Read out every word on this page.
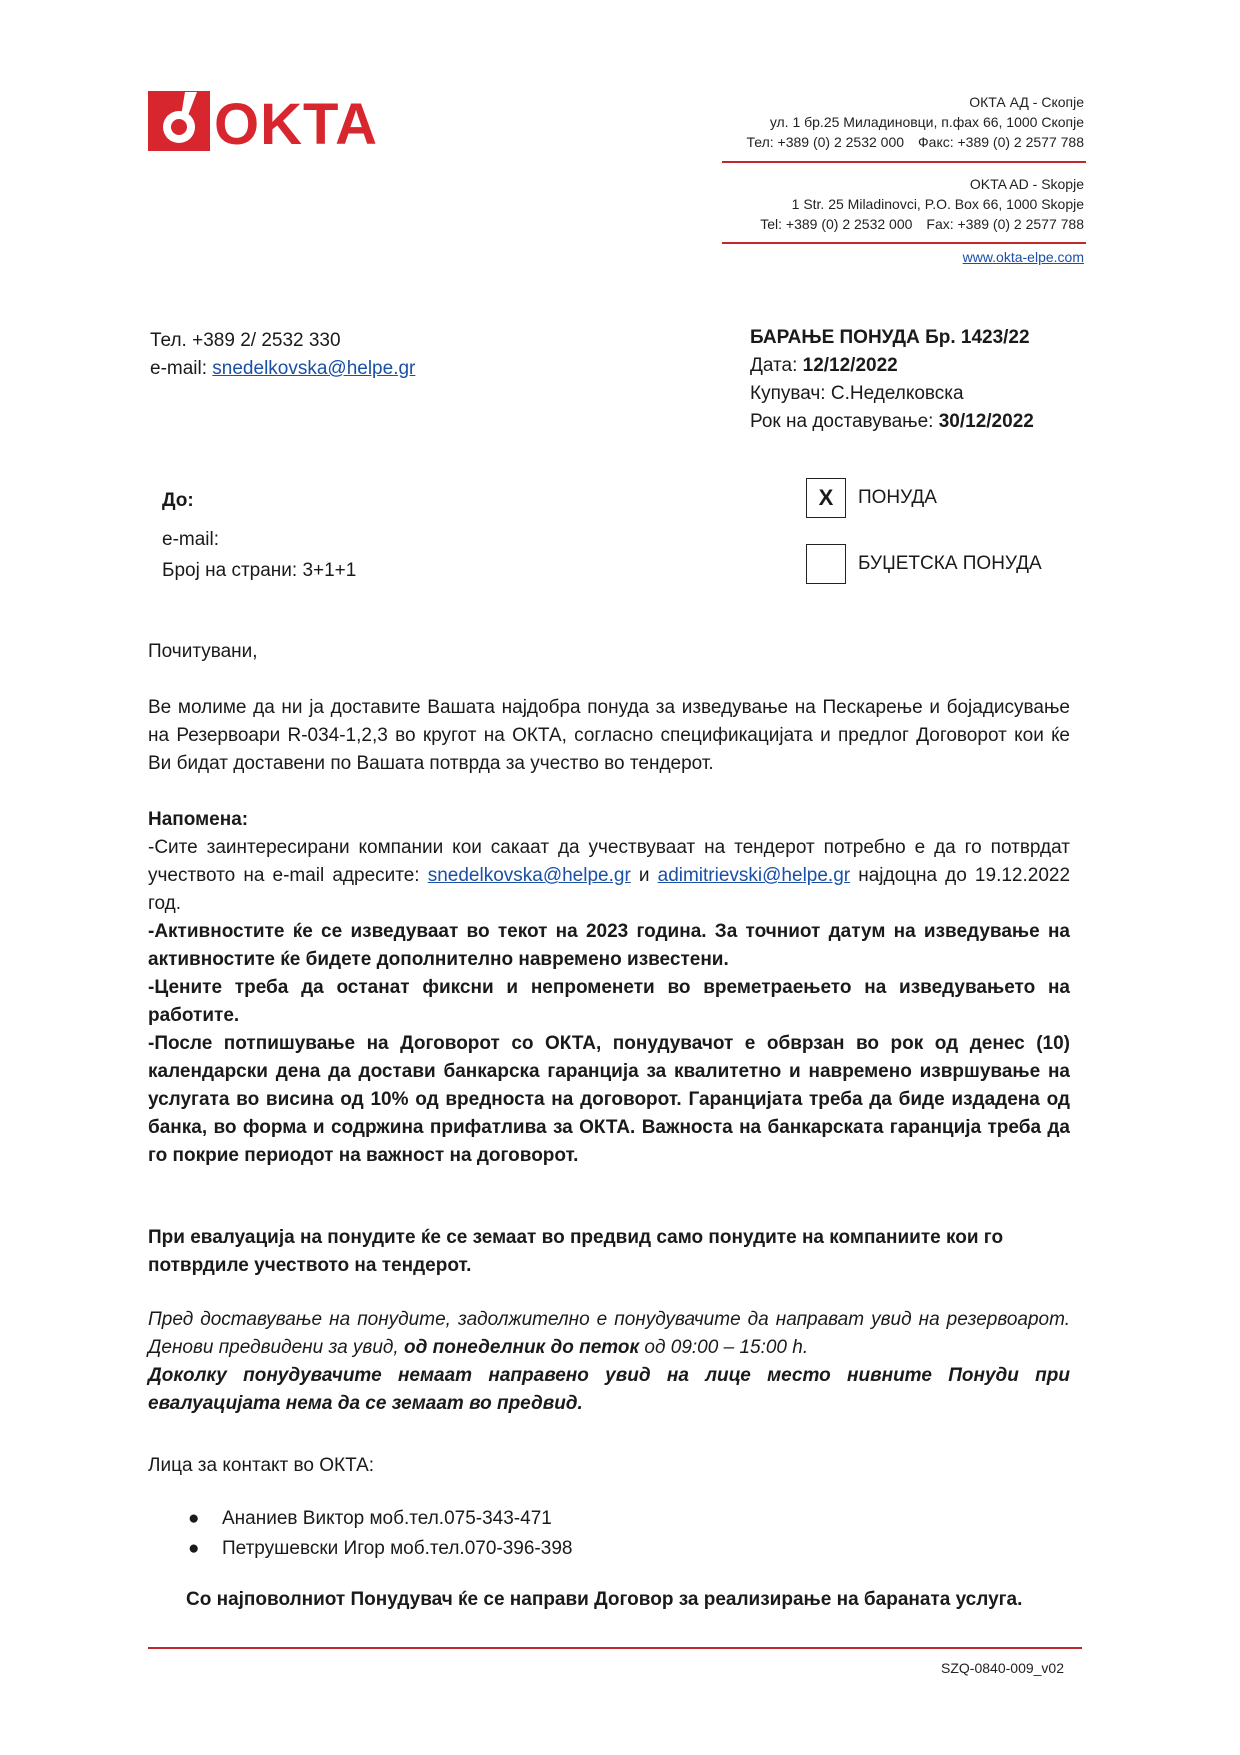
OKTA	ОКТА АД - Скопје
ул. 1 бр.25 Миладиновци, п.фах 66, 1000 Скопје
Тел: +389 (0) 2 2532 000 Факс: +389 (0) 2 2577 788
OKTA AD - Skopje
1 Str. 25 Miladinovci, P.O. Box 66, 1000 Skopje
Tel: +389 (0) 2 2532 000 Fax: +389 (0) 2 2577 788
www.okta-elpe.com
Тел. +389 2/ 2532 330
e-mail: snedelkovska@helpe.gr
БАРАЊЕ ПОНУДА Бр. 1423/22
Дата: 12/12/2022
Купувач: С.Неделковска
Рок на доставување: 30/12/2022
До:
e-mail:
Број на страни: 3+1+1
X	ПОНУДА
БУЏЕТСКА ПОНУДА
Почитувани,
Ве молиме да ни ја доставите Вашата најдобра понуда за изведување на Пескарење и бојадисување на Резервоари R-034-1,2,3 во кругот на ОКТА, согласно спецификацијата и предлог Договорот кои ќе Ви бидат доставени по Вашата потврда за учество во тендерот.
Напомена:
-Сите заинтересирани компании кои сакаат да учествуваат на тендерот потребно е да го потврдат учеството на e-mail адресите: snedelkovska@helpe.gr и adimitrievski@helpe.gr најдоцна до 19.12.2022 год.
-Активностите ќе се изведуваат во текот на 2023 година. За точниот датум на изведување на активностите ќе бидете дополнително навремено известени.
-Цените треба да останат фиксни и непроменети во времетраењето на изведувањето на работите.
-После потпишување на Договорот со ОКТА, понудувачот е обврзан во рок од денес (10) календарски дена да достави банкарска гаранција за квалитетно и навремено извршување на услугата во висина од 10% од вредноста на договорот. Гаранцијата треба да биде издадена од банка, во форма и содржина прифатлива за ОКТА. Важноста на банкарската гаранција треба да го покрие периодот на важност на договорот.
При евалуација на понудите ќе се земаат во предвид само понудите на компаниите кои го потврдиле учеството на тендерот.
Пред доставување на понудите, задолжително е понудувачите да направат увид на резервоарот. Денови предвидени за увид, од понеделник до петок од 09:00 – 15:00 h.
Доколку понудувачите немаат направено увид на лице место нивните Понуди при евалуацијата нема да се земаат во предвид.
Лица за контакт во ОКТА:
● Ананиев Виктор моб.тел.075-343-471
● Петрушевски Игор моб.тел.070-396-398
Со најповолниот Понудувач ќе се направи Договор за реализирање на бараната услуга.
SZQ-0840-009_v02
